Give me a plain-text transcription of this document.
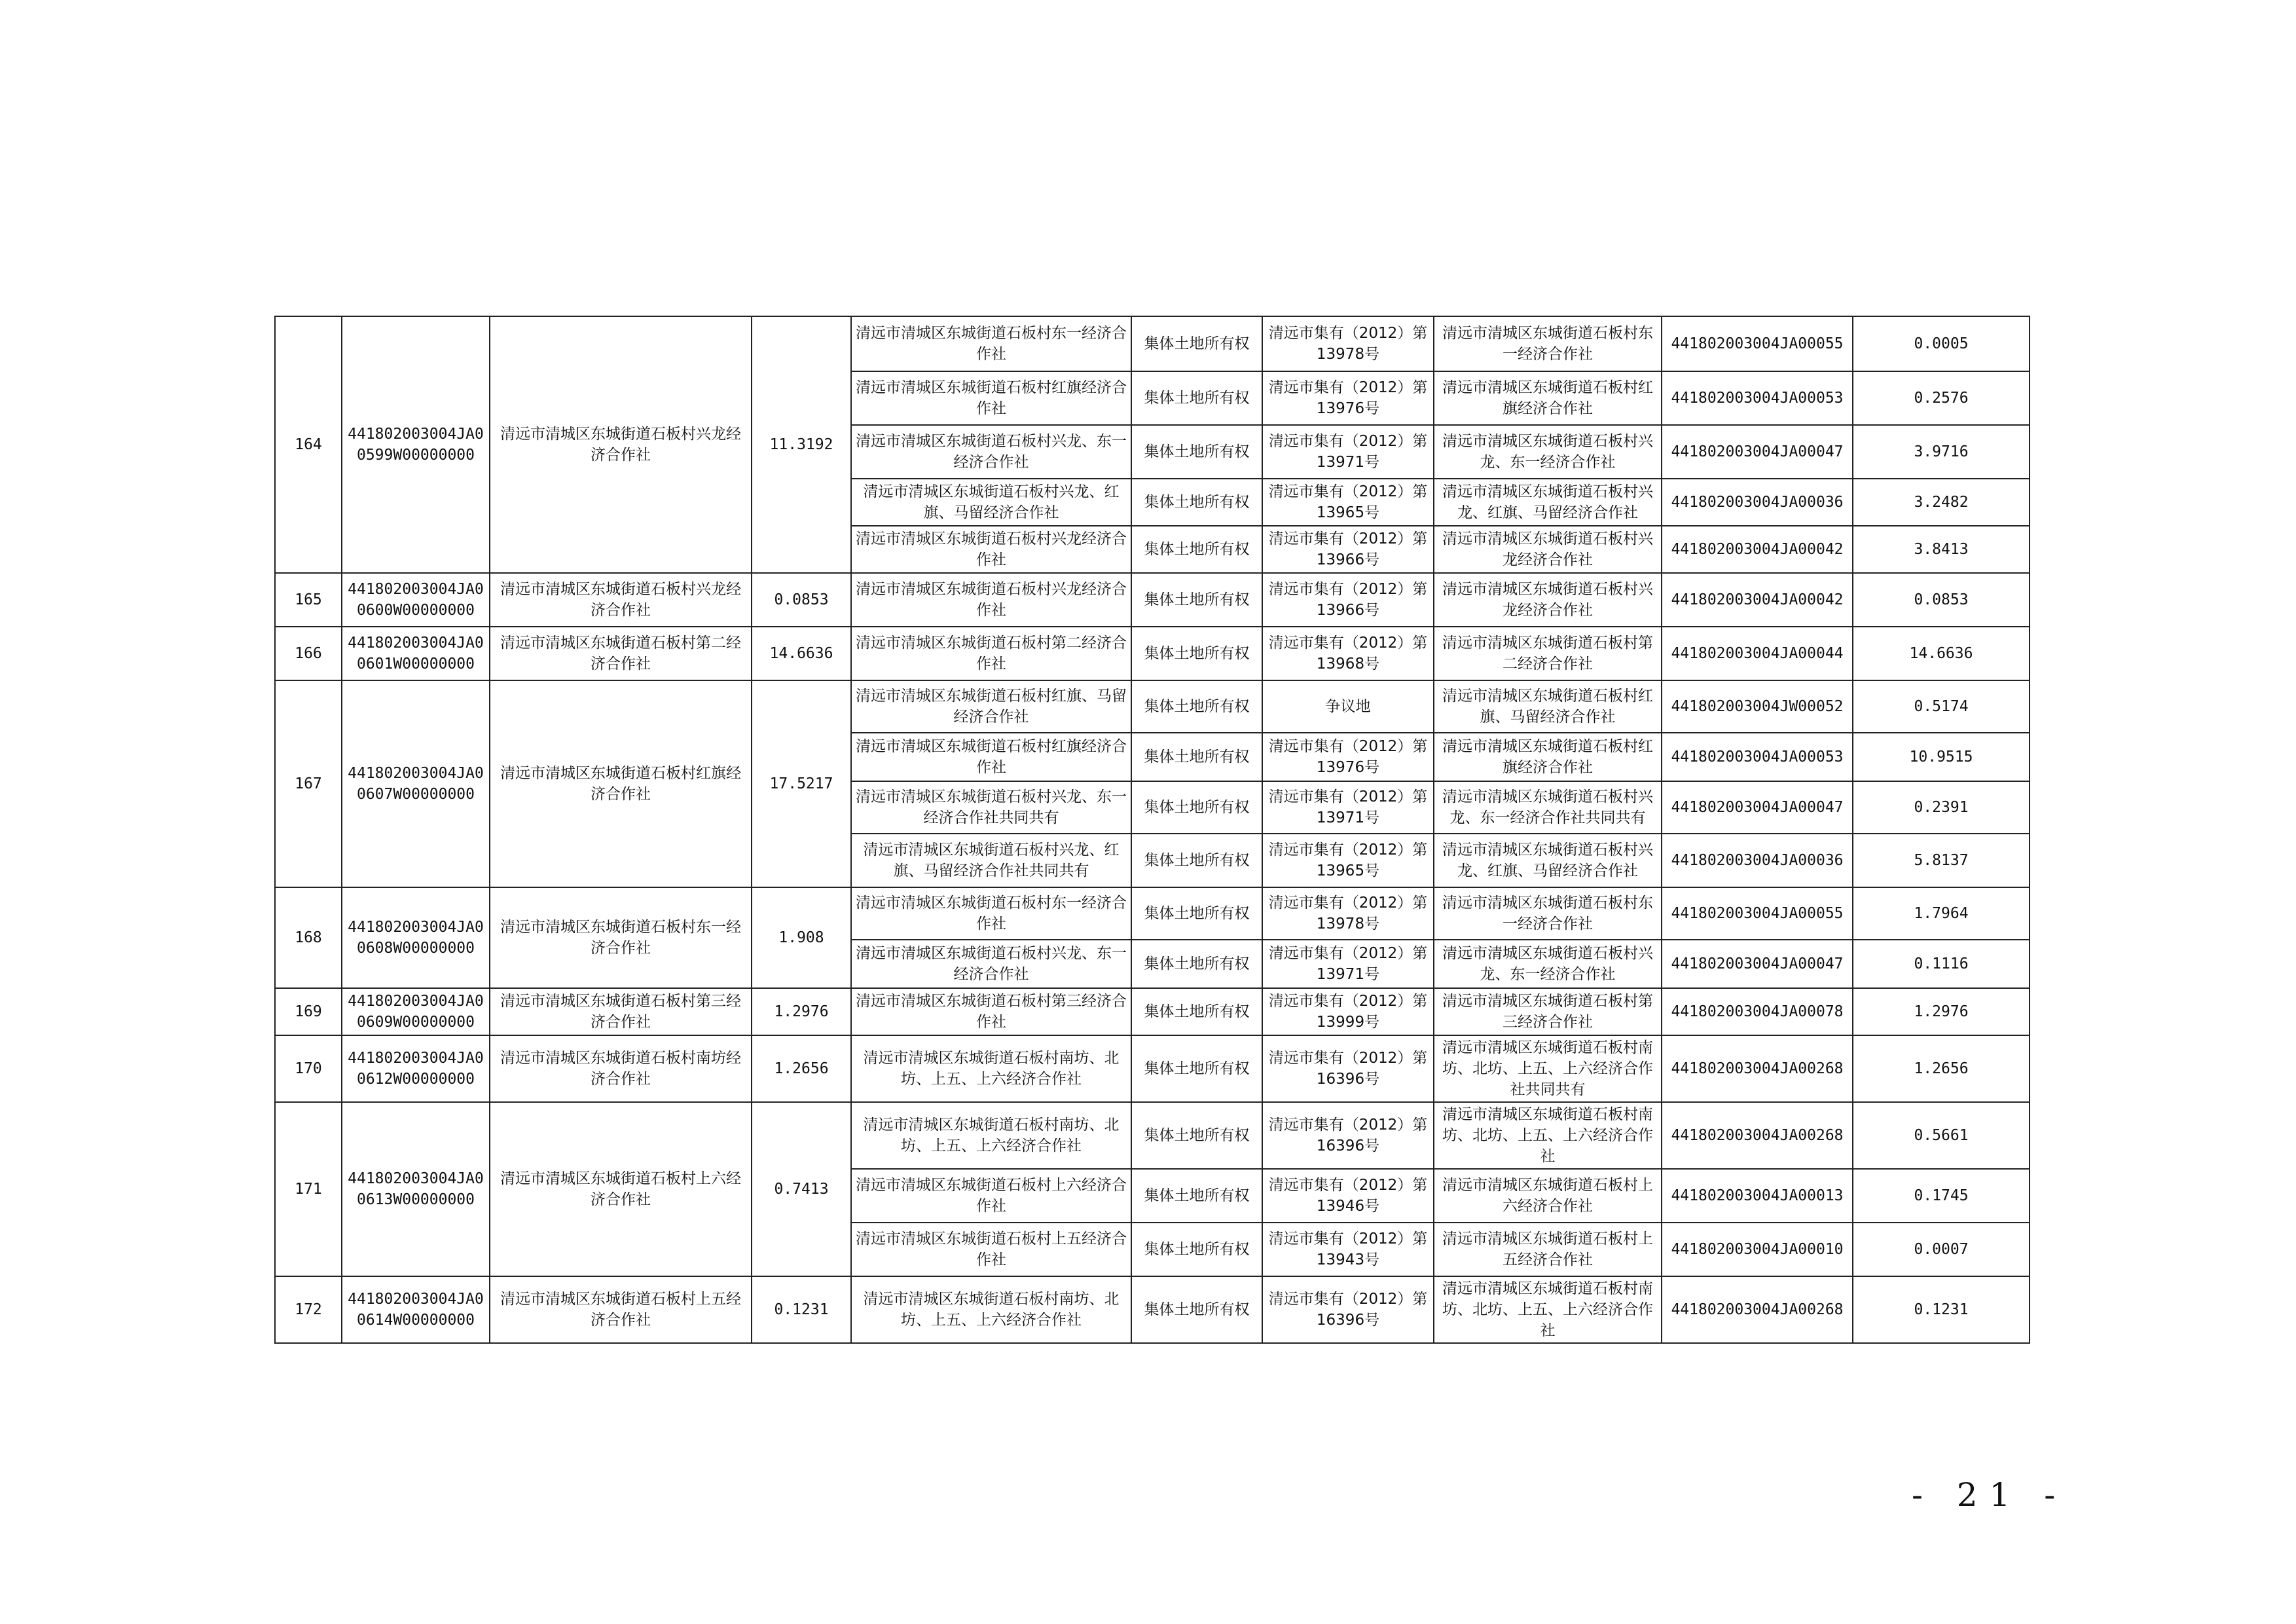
164	441802003004JA00599W00000000	清远市清城区东城街道石板村兴龙经济合作社	11.3192	清远市清城区东城街道石板村东一经济合作社	集体土地所有权	清远市集有（2012）第13978号	清远市清城区东城街道石板村东一经济合作社	441802003004JA00055	0.0005
				清远市清城区东城街道石板村红旗经济合作社	集体土地所有权	清远市集有（2012）第13976号	清远市清城区东城街道石板村红旗经济合作社	441802003004JA00053	0.2576
				清远市清城区东城街道石板村兴龙、东一经济合作社	集体土地所有权	清远市集有（2012）第13971号	清远市清城区东城街道石板村兴龙、东一经济合作社	441802003004JA00047	3.9716
				清远市清城区东城街道石板村兴龙、红旗、马留经济合作社	集体土地所有权	清远市集有（2012）第13965号	清远市清城区东城街道石板村兴龙、红旗、马留经济合作社	441802003004JA00036	3.2482
				清远市清城区东城街道石板村兴龙经济合作社	集体土地所有权	清远市集有（2012）第13966号	清远市清城区东城街道石板村兴龙经济合作社	441802003004JA00042	3.8413
165	441802003004JA00600W00000000	清远市清城区东城街道石板村兴龙经济合作社	0.0853	清远市清城区东城街道石板村兴龙经济合作社	集体土地所有权	清远市集有（2012）第13966号	清远市清城区东城街道石板村兴龙经济合作社	441802003004JA00042	0.0853
166	441802003004JA00601W00000000	清远市清城区东城街道石板村第二经济合作社	14.6636	清远市清城区东城街道石板村第二经济合作社	集体土地所有权	清远市集有（2012）第13968号	清远市清城区东城街道石板村第二经济合作社	441802003004JA00044	14.6636
167	441802003004JA00607W00000000	清远市清城区东城街道石板村红旗经济合作社	17.5217	清远市清城区东城街道石板村红旗、马留经济合作社	集体土地所有权	争议地	清远市清城区东城街道石板村红旗、马留经济合作社	441802003004JW00052	0.5174
				清远市清城区东城街道石板村红旗经济合作社	集体土地所有权	清远市集有（2012）第13976号	清远市清城区东城街道石板村红旗经济合作社	441802003004JA00053	10.9515
				清远市清城区东城街道石板村兴龙、东一经济合作社共同共有	集体土地所有权	清远市集有（2012）第13971号	清远市清城区东城街道石板村兴龙、东一经济合作社共同共有	441802003004JA00047	0.2391
				清远市清城区东城街道石板村兴龙、红旗、马留经济合作社共同共有	集体土地所有权	清远市集有（2012）第13965号	清远市清城区东城街道石板村兴龙、红旗、马留经济合作社	441802003004JA00036	5.8137
168	441802003004JA00608W00000000	清远市清城区东城街道石板村东一经济合作社	1.908	清远市清城区东城街道石板村东一经济合作社	集体土地所有权	清远市集有（2012）第13978号	清远市清城区东城街道石板村东一经济合作社	441802003004JA00055	1.7964
				清远市清城区东城街道石板村兴龙、东一经济合作社	集体土地所有权	清远市集有（2012）第13971号	清远市清城区东城街道石板村兴龙、东一经济合作社	441802003004JA00047	0.1116
169	441802003004JA00609W00000000	清远市清城区东城街道石板村第三经济合作社	1.2976	清远市清城区东城街道石板村第三经济合作社	集体土地所有权	清远市集有（2012）第13999号	清远市清城区东城街道石板村第三经济合作社	441802003004JA00078	1.2976
170	441802003004JA00612W00000000	清远市清城区东城街道石板村南坊经济合作社	1.2656	清远市清城区东城街道石板村南坊、北坊、上五、上六经济合作社	集体土地所有权	清远市集有（2012）第16396号	清远市清城区东城街道石板村南坊、北坊、上五、上六经济合作社共同共有	441802003004JA00268	1.2656
171	441802003004JA00613W00000000	清远市清城区东城街道石板村上六经济合作社	0.7413	清远市清城区东城街道石板村南坊、北坊、上五、上六经济合作社	集体土地所有权	清远市集有（2012）第16396号	清远市清城区东城街道石板村南坊、北坊、上五、上六经济合作社	441802003004JA00268	0.5661
				清远市清城区东城街道石板村上六经济合作社	集体土地所有权	清远市集有（2012）第13946号	清远市清城区东城街道石板村上六经济合作社	441802003004JA00013	0.1745
				清远市清城区东城街道石板村上五经济合作社	集体土地所有权	清远市集有（2012）第13943号	清远市清城区东城街道石板村上五经济合作社	441802003004JA00010	0.0007
172	441802003004JA00614W00000000	清远市清城区东城街道石板村上五经济合作社	0.1231	清远市清城区东城街道石板村南坊、北坊、上五、上六经济合作社	集体土地所有权	清远市集有（2012）第16396号	清远市清城区东城街道石板村南坊、北坊、上五、上六经济合作社	441802003004JA00268	0.1231
- 21 -
